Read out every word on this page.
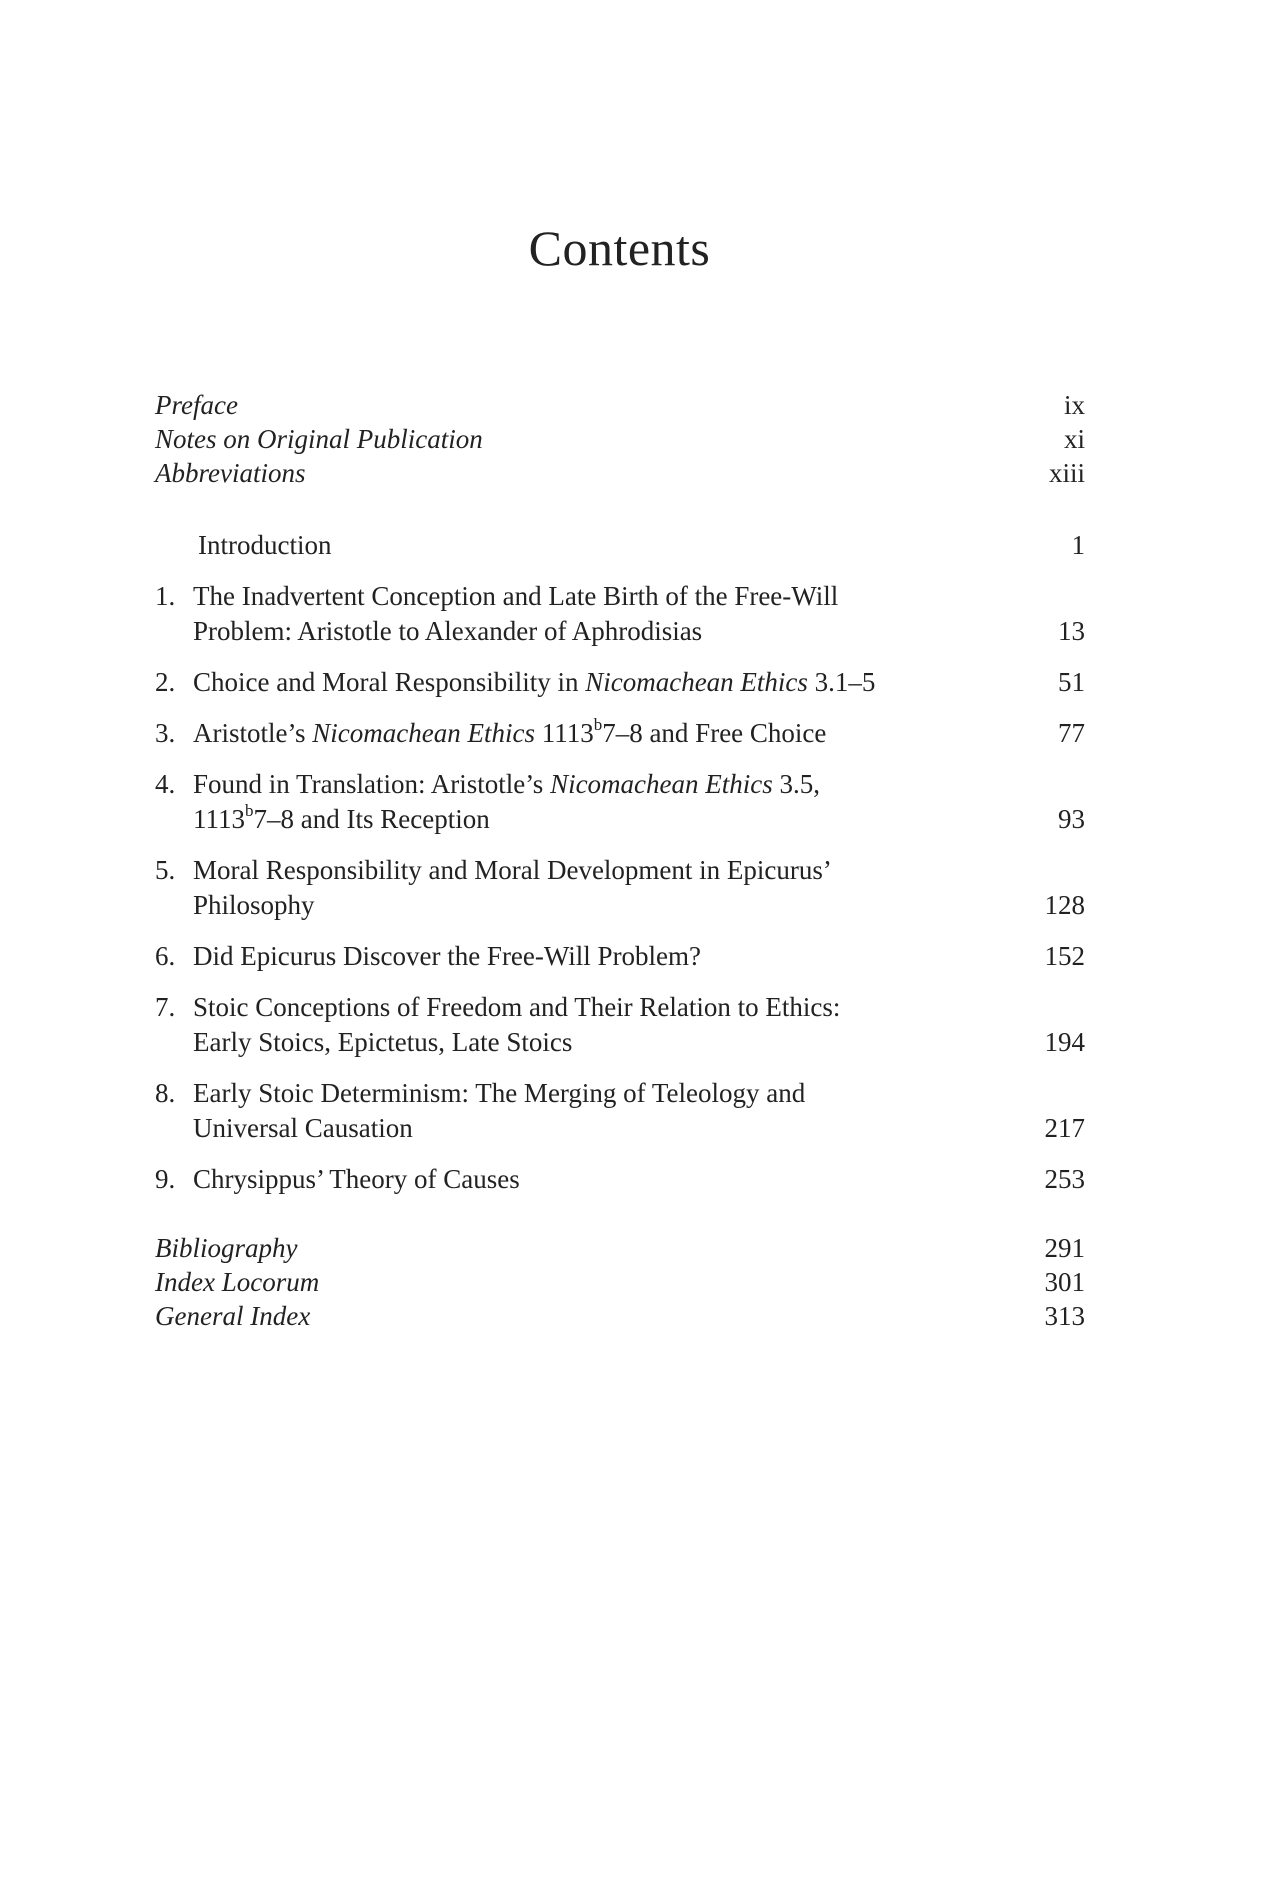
Contents
Preface	ix
Notes on Original Publication	xi
Abbreviations	xiii
Introduction	1
1. The Inadvertent Conception and Late Birth of the Free-Will
Problem: Aristotle to Alexander of Aphrodisias	13
2. Choice and Moral Responsibility in Nicomachean Ethics 3.1–5	51
3. Aristotle’s Nicomachean Ethics 1113$^b$7–8 and Free Choice	77
4. Found in Translation: Aristotle’s Nicomachean Ethics 3.5,
1113$^b$7–8 and Its Reception	93
5. Moral Responsibility and Moral Development in Epicurus’
Philosophy	128
6. Did Epicurus Discover the Free-Will Problem?	152
7. Stoic Conceptions of Freedom and Their Relation to Ethics:
Early Stoics, Epictetus, Late Stoics	194
8. Early Stoic Determinism: The Merging of Teleology and
Universal Causation	217
9. Chrysippus’ Theory of Causes	253
Bibliography	291
Index Locorum	301
General Index	313
